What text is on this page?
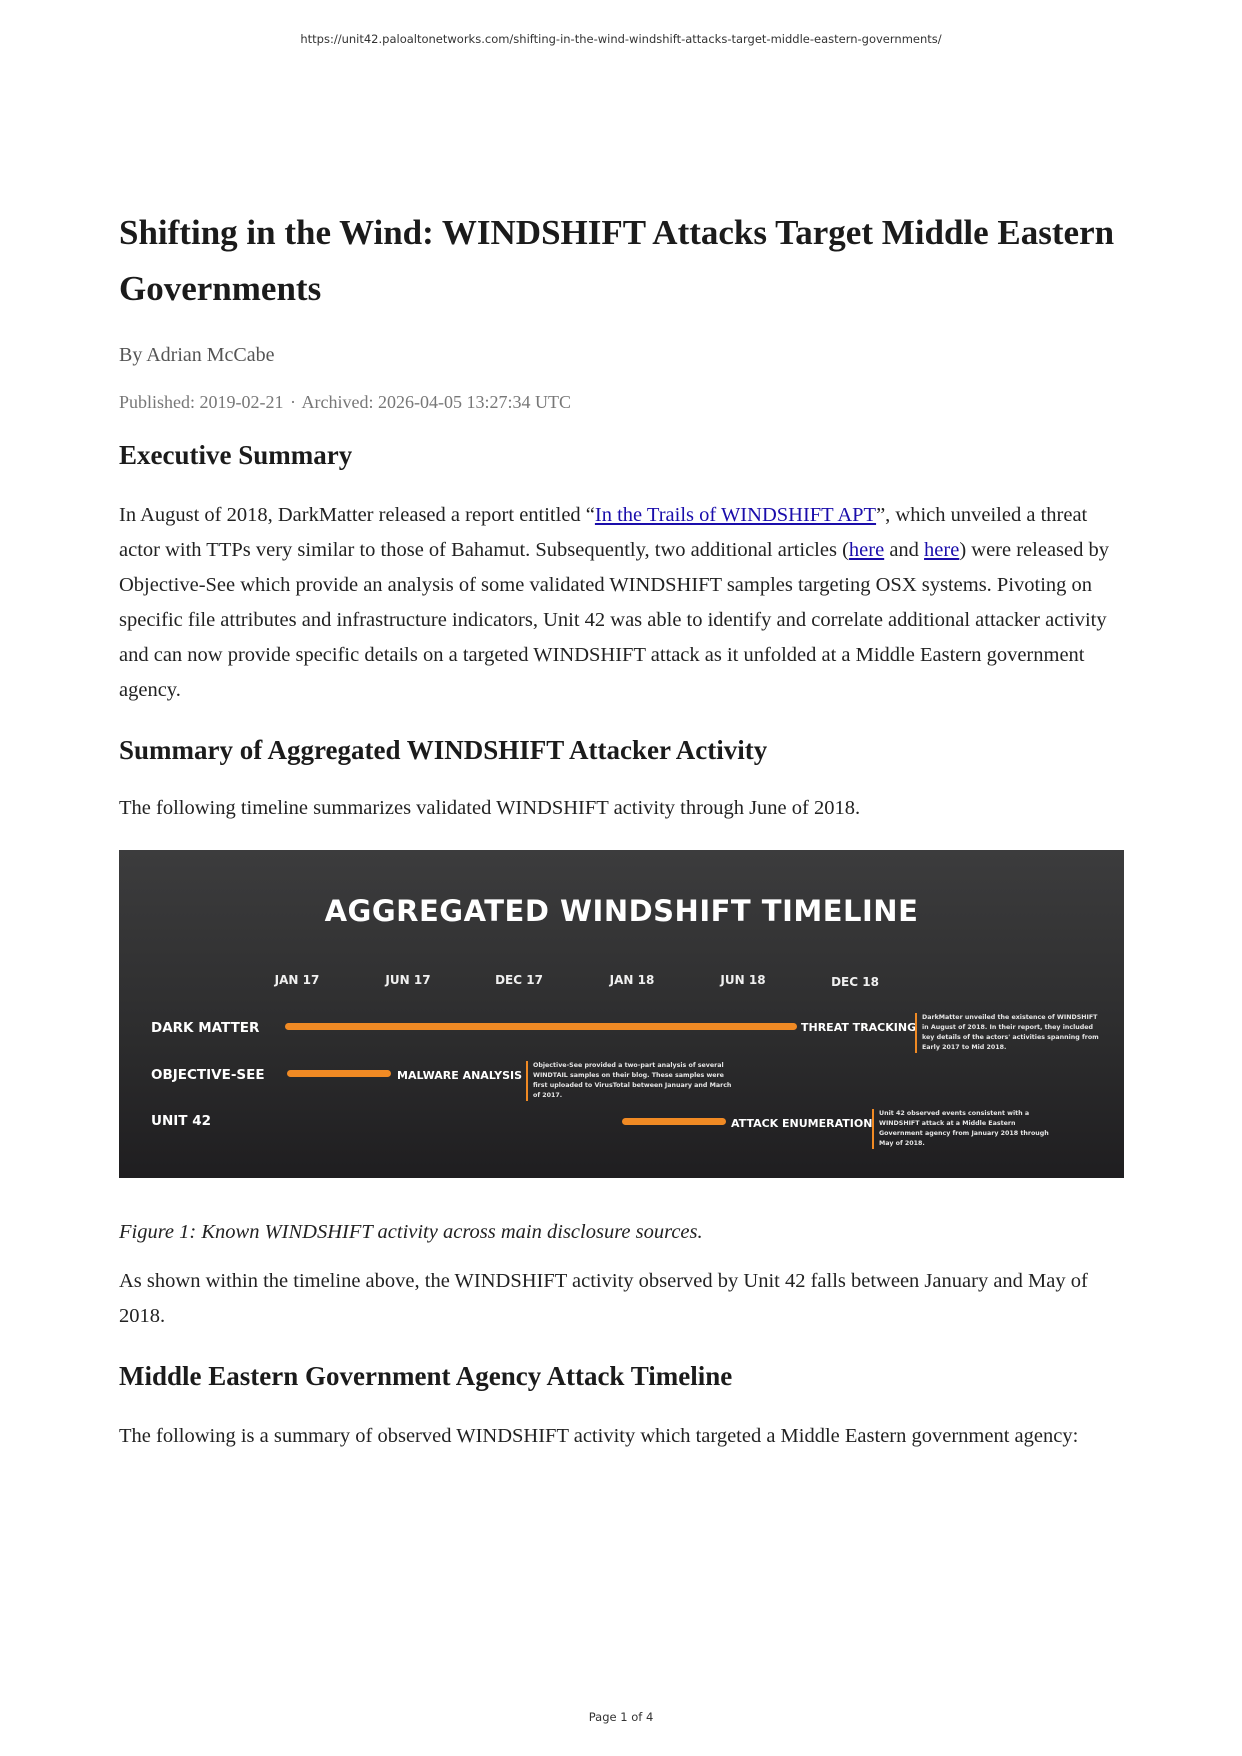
https://unit42.paloaltonetworks.com/shifting-in-the-wind-windshift-attacks-target-middle-eastern-governments/
Shifting in the Wind: WINDSHIFT Attacks Target Middle Eastern Governments
By Adrian McCabe
Published: 2019-02-21 · Archived: 2026-04-05 13:27:34 UTC
Executive Summary

In August of 2018, DarkMatter released a report entitled “In the Trails of WINDSHIFT APT”, which unveiled a threat actor with TTPs very similar to those of Bahamut. Subsequently, two additional articles (here and here) were released by Objective-See which provide an analysis of some validated WINDSHIFT samples targeting OSX systems. Pivoting on specific file attributes and infrastructure indicators, Unit 42 was able to identify and correlate additional attacker activity and can now provide specific details on a targeted WINDSHIFT attack as it unfolded at a Middle Eastern government agency.

Summary of Aggregated WINDSHIFT Attacker Activity

The following timeline summarizes validated WINDSHIFT activity through June of 2018.

AGGREGATED WINDSHIFT TIMELINE
JAN 17	JUN 17	DEC 17	JAN 18	JUN 18	DEC 18
DARK MATTER	THREAT TRACKING
DarkMatter unveiled the existence of WINDSHIFT in August of 2018. In their report, they included key details of the actors' activities spanning from Early 2017 to Mid 2018.
OBJECTIVE-SEE	MALWARE ANALYSIS
Objective-See provided a two-part analysis of several WINDTAIL samples on their blog. These samples were first uploaded to VirusTotal between January and March of 2017.
UNIT 42	ATTACK ENUMERATION
Unit 42 observed events consistent with a WINDSHIFT attack at a Middle Eastern Government agency from January 2018 through May of 2018.

Figure 1: Known WINDSHIFT activity across main disclosure sources.

As shown within the timeline above, the WINDSHIFT activity observed by Unit 42 falls between January and May of 2018.

Middle Eastern Government Agency Attack Timeline

The following is a summary of observed WINDSHIFT activity which targeted a Middle Eastern government agency:

Page 1 of 4
